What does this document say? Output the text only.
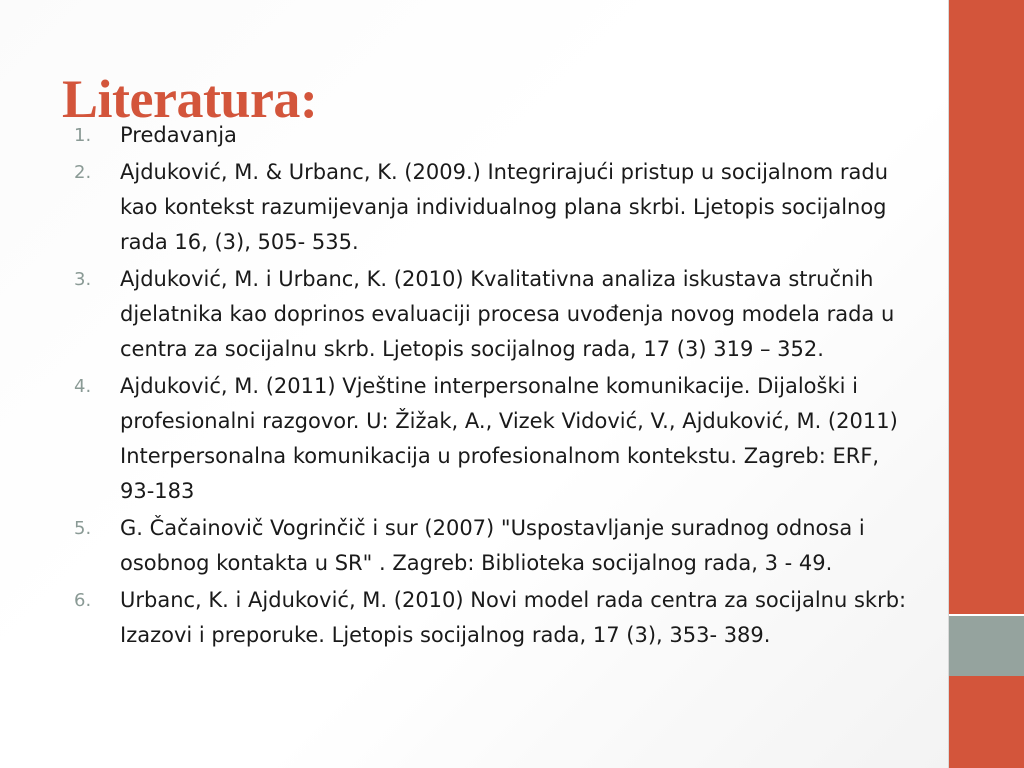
Literatura:
1.	Predavanja
2.	Ajduković, M. & Urbanc, K. (2009.) Integrirajući pristup u socijalnom radu kao kontekst razumijevanja individualnog plana skrbi. Ljetopis socijalnog rada 16, (3), 505- 535.
3.	Ajduković, M. i Urbanc, K. (2010) Kvalitativna analiza iskustava stručnih djelatnika kao doprinos evaluaciji procesa uvođenja novog modela rada u centra za socijalnu skrb. Ljetopis socijalnog rada, 17 (3) 319 – 352.
4.	Ajduković, M. (2011) Vještine interpersonalne komunikacije. Dijaloški i profesionalni razgovor. U: Žižak, A., Vizek Vidović, V., Ajduković, M. (2011) Interpersonalna komunikacija u profesionalnom kontekstu. Zagreb: ERF, 93-183
5.	G. Čačainovič Vogrinčič i sur (2007) "Uspostavljanje suradnog odnosa i osobnog kontakta u SR" . Zagreb: Biblioteka socijalnog rada, 3 - 49.
6.	Urbanc, K. i Ajduković, M. (2010) Novi model rada centra za socijalnu skrb: Izazovi i preporuke. Ljetopis socijalnog rada, 17 (3), 353- 389.
